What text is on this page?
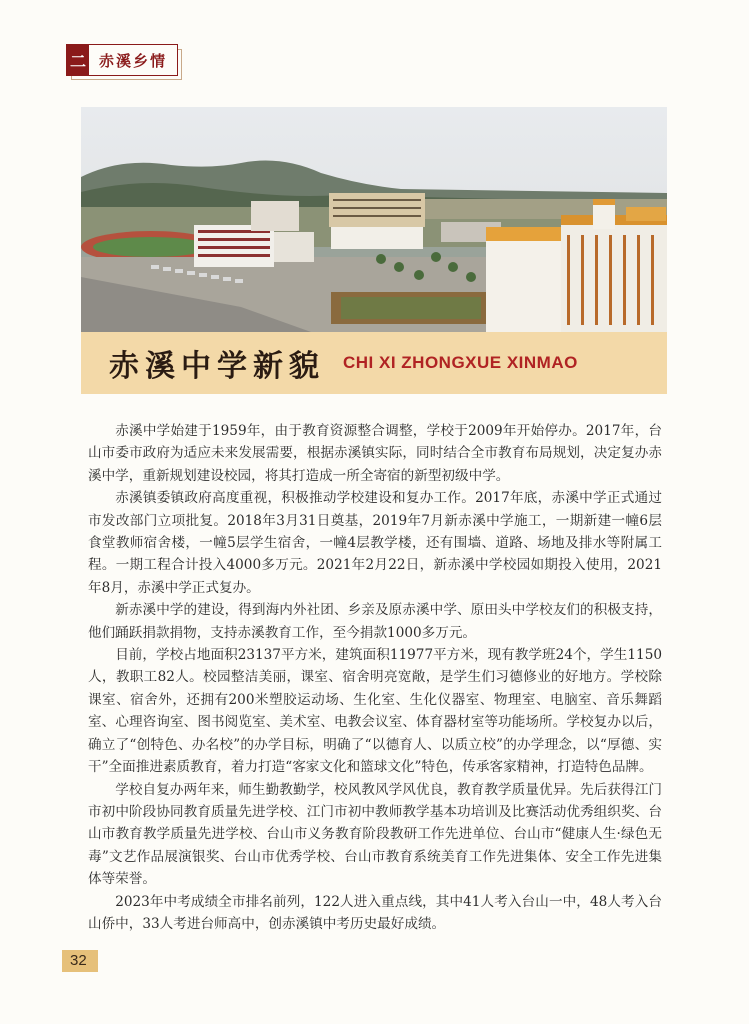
二 赤溪乡情
赤溪中学新貌 CHI XI ZHONGXUE XINMAO

赤溪中学始建于1959年，由于教育资源整合调整，学校于2009年开始停办。2017年，台山市委市政府为适应未来发展需要，根据赤溪镇实际，同时结合全市教育布局规划，决定复办赤溪中学，重新规划建设校园，将其打造成一所全寄宿的新型初级中学。

赤溪镇委镇政府高度重视，积极推动学校建设和复办工作。2017年底，赤溪中学正式通过市发改部门立项批复。2018年3月31日奠基，2019年7月新赤溪中学施工，一期新建一幢6层食堂教师宿舍楼，一幢5层学生宿舍，一幢4层教学楼，还有围墙、道路、场地及排水等附属工程。一期工程合计投入4000多万元。2021年2月22日，新赤溪中学校园如期投入使用，2021年8月，赤溪中学正式复办。

新赤溪中学的建设，得到海内外社团、乡亲及原赤溪中学、原田头中学校友们的积极支持，他们踊跃捐款捐物，支持赤溪教育工作，至今捐款1000多万元。

目前，学校占地面积23137平方米，建筑面积11977平方米，现有教学班24个，学生1150人，教职工82人。校园整洁美丽，课室、宿舍明亮宽敞，是学生们习德修业的好地方。学校除课室、宿舍外，还拥有200米塑胶运动场、生化室、生化仪器室、物理室、电脑室、音乐舞蹈室、心理咨询室、图书阅览室、美术室、电教会议室、体育器材室等功能场所。学校复办以后，确立了“创特色、办名校”的办学目标，明确了“以德育人、以质立校”的办学理念，以“厚德、实干”全面推进素质教育，着力打造“客家文化和篮球文化”特色，传承客家精神，打造特色品牌。

学校自复办两年来，师生勤教勤学，校风教风学风优良，教育教学质量优异。先后获得江门市初中阶段协同教育质量先进学校、江门市初中教师教学基本功培训及比赛活动优秀组织奖、台山市教育教学质量先进学校、台山市义务教育阶段教研工作先进单位、台山市“健康人生·绿色无毒”文艺作品展演银奖、台山市优秀学校、台山市教育系统美育工作先进集体、安全工作先进集体等荣誉。

2023年中考成绩全市排名前列，122人进入重点线，其中41人考入台山一中，48人考入台山侨中，33人考进台师高中，创赤溪镇中考历史最好成绩。

32
